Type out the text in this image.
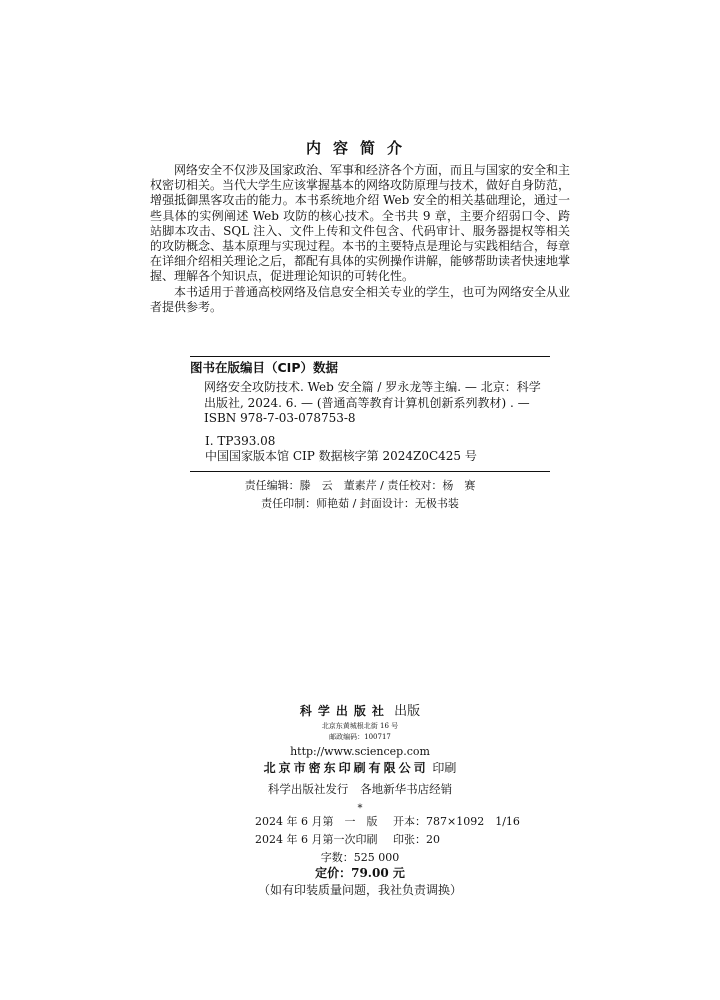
内容简介

网络安全不仅涉及国家政治、军事和经济各个方面，而且与国家的安全和主权密切相关。当代大学生应该掌握基本的网络攻防原理与技术，做好自身防范，增强抵御黑客攻击的能力。本书系统地介绍 Web 安全的相关基础理论，通过一些具体的实例阐述 Web 攻防的核心技术。全书共 9 章，主要介绍弱口令、跨站脚本攻击、SQL 注入、文件上传和文件包含、代码审计、服务器提权等相关的攻防概念、基本原理与实现过程。本书的主要特点是理论与实践相结合，每章在详细介绍相关理论之后，都配有具体的实例操作讲解，能够帮助读者快速地掌握、理解各个知识点，促进理论知识的可转化性。

本书适用于普通高校网络及信息安全相关专业的学生，也可为网络安全从业者提供参考。

图书在版编目（CIP）数据
网络安全攻防技术. Web 安全篇 / 罗永龙等主编. — 北京：科学出版社, 2024. 6. — (普通高等教育计算机创新系列教材) . — ISBN 978-7-03-078753-8
Ⅰ. TP393.08
中国国家版本馆 CIP 数据核字第 2024Z0C425 号
责任编辑：滕　云　董素芹 / 责任校对：杨　赛
责任印制：师艳茹 / 封面设计：无极书装
科学出版社 出版
北京东黄城根北街 16 号
邮政编码：100717
http://www.sciencep.com
北京市密东印刷有限公司 印刷
科学出版社发行 各地新华书店经销
*
2024 年 6 月第　一　版 开本：787×1092　1/16
2024 年 6 月第一次印刷 印张：20
字数：525 000
定价：79.00 元
（如有印装质量问题，我社负责调换）
